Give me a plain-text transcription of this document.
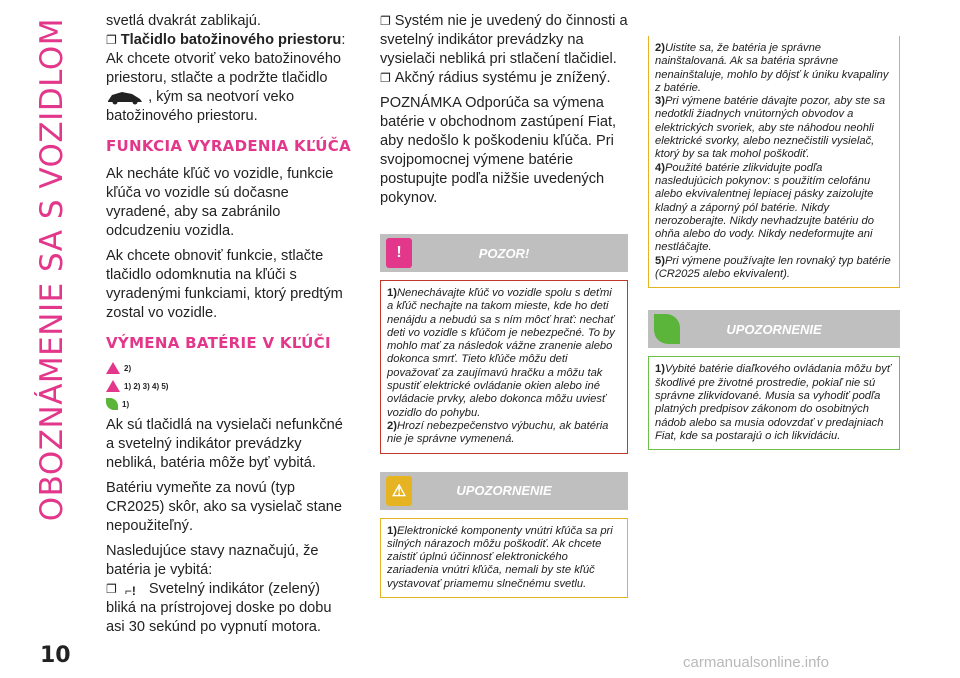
OBOZNÁMENIE SA S VOZIDLOM svetlá dvakrát zablikajú.
❐ Tlačidlo batožinového priestoru:
Ak chcete otvoriť veko batožinového priestoru, stlačte a podržte tlačidlo
, kým sa neotvorí veko batožinového priestoru.
FUNKCIA VYRADENIA KĽÚČA
Ak necháte kľúč vo vozidle, funkcie kľúča vo vozidle sú dočasne vyradené, aby sa zabránilo odcudzeniu vozidla.
Ak chcete obnoviť funkcie, stlačte tlačidlo odomknutia na kľúči s vyradenými funkciami, ktorý predtým zostal vo vozidle.
VÝMENA BATÉRIE V KĽÚČI
2)
1) 2) 3) 4) 5)
1)
Ak sú tlačidlá na vysielači nefunkčné a svetelný indikátor prevádzky nebliká, batéria môže byť vybitá.
Batériu vymeňte za novú (typ CR2025) skôr, ako sa vysielač stane nepoužiteľný.
Nasledujúce stavy naznačujú, že batéria je vybitá:
❐ ⌐! Svetelný indikátor (zelený) bliká na prístrojovej doske po dobu asi 30 sekúnd po vypnutí motora.
❐ Systém nie je uvedený do činnosti a svetelný indikátor prevádzky na vysielači nebliká pri stlačení tlačidiel.
❐ Akčný rádius systému je znížený.
POZNÁMKA Odporúča sa výmena batérie v obchodnom zastúpení Fiat, aby nedošlo k poškodeniu kľúča. Pri svojpomocnej výmene batérie postupujte podľa nižšie uvedených pokynov.
!	POZOR!
1)Nenechávajte kľúč vo vozidle spolu s deťmi a kľúč nechajte na takom mieste, kde ho deti nenájdu a nebudú sa s ním môcť hrať: nechať deti vo vozidle s kľúčom je nebezpečné. To by mohlo mať za následok vážne zranenie alebo dokonca smrť. Tieto kľúče môžu deti považovať za zaujímavú hračku a môžu tak spustiť elektrické ovládanie okien alebo iné ovládacie prvky, alebo dokonca môžu uviesť vozidlo do pohybu.
2)Hrozí nebezpečenstvo výbuchu, ak batéria nie je správne vymenená.
⚠	UPOZORNENIE
1)Elektronické komponenty vnútri kľúča sa pri silných nárazoch môžu poškodiť. Ak chcete zaistiť úplnú účinnosť elektronického zariadenia vnútri kľúča, nemali by ste kľúč vystavovať priamemu slnečnému svetlu.
2)Uistite sa, že batéria je správne nainštalovaná. Ak sa batéria správne nenainštaluje, mohlo by dôjsť k úniku kvapaliny z batérie.
3)Pri výmene batérie dávajte pozor, aby ste sa nedotkli žiadnych vnútorných obvodov a elektrických svoriek, aby ste náhodou neohli elektrické svorky, alebo neznečistili vysielač, ktorý by sa tak mohol poškodiť.
4)Použité batérie zlikvidujte podľa nasledujúcich pokynov: s použitím celofánu alebo ekvivalentnej lepiacej pásky zaizolujte kladný a záporný pól batérie. Nikdy nerozoberajte. Nikdy nevhadzujte batériu do ohňa alebo do vody. Nikdy nedeformujte ani nestláčajte.
5)Pri výmene používajte len rovnaký typ batérie (CR2025 alebo ekvivalent).
UPOZORNENIE
1)Vybité batérie diaľkového ovládania môžu byť škodlivé pre životné prostredie, pokiaľ nie sú správne zlikvidované. Musia sa vyhodiť podľa platných predpisov zákonom do osobitných nádob alebo sa musia odovzdať v predajniach Fiat, kde sa postarajú o ich likvidáciu.
10	carmanualsonline.info
